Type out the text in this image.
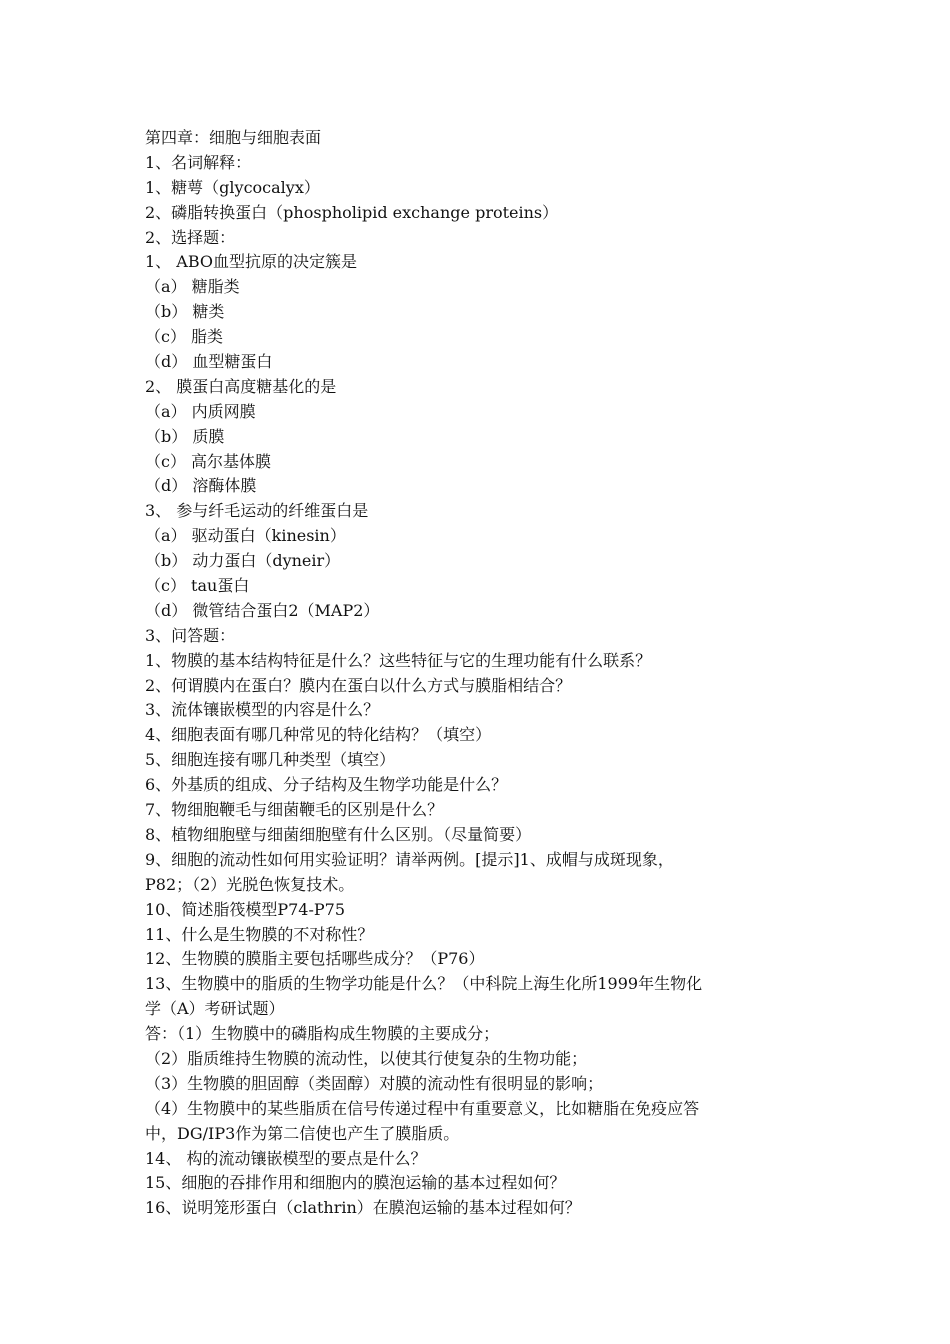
第四章：细胞与细胞表面
1、名词解释：
1、糖萼（glycocalyx）
2、磷脂转换蛋白（phospholipid exchange proteins）
2、选择题：
1、 ABO血型抗原的决定簇是
（a） 糖脂类
（b） 糖类
（c） 脂类
（d） 血型糖蛋白
2、 膜蛋白高度糖基化的是
（a） 内质网膜
（b） 质膜
（c） 高尔基体膜
（d） 溶酶体膜
3、 参与纤毛运动的纤维蛋白是
（a） 驱动蛋白（kinesin）
（b） 动力蛋白（dyneir）
（c） tau蛋白
（d） 微管结合蛋白2（MAP2）
3、问答题：
1、物膜的基本结构特征是什么？这些特征与它的生理功能有什么联系？
2、何谓膜内在蛋白？膜内在蛋白以什么方式与膜脂相结合？
3、流体镶嵌模型的内容是什么？
4、细胞表面有哪几种常见的特化结构？（填空）
5、细胞连接有哪几种类型（填空）
6、外基质的组成、分子结构及生物学功能是什么？
7、物细胞鞭毛与细菌鞭毛的区别是什么？
8、植物细胞壁与细菌细胞壁有什么区别。（尽量简要）
9、细胞的流动性如何用实验证明？请举两例。[提示]1、成帽与成斑现象，
P82；（2）光脱色恢复技术。
10、简述脂筏模型P74-P75
11、什么是生物膜的不对称性？
12、生物膜的膜脂主要包括哪些成分？（P76）
13、生物膜中的脂质的生物学功能是什么？（中科院上海生化所1999年生物化
学（A）考研试题）
答：（1）生物膜中的磷脂构成生物膜的主要成分；
（2）脂质维持生物膜的流动性，以使其行使复杂的生物功能；
（3）生物膜的胆固醇（类固醇）对膜的流动性有很明显的影响；
（4）生物膜中的某些脂质在信号传递过程中有重要意义，比如糖脂在免疫应答
中，DG/IP3作为第二信使也产生了膜脂质。
14、 构的流动镶嵌模型的要点是什么？
15、细胞的吞排作用和细胞内的膜泡运输的基本过程如何？
16、说明笼形蛋白（clathrin）在膜泡运输的基本过程如何？
